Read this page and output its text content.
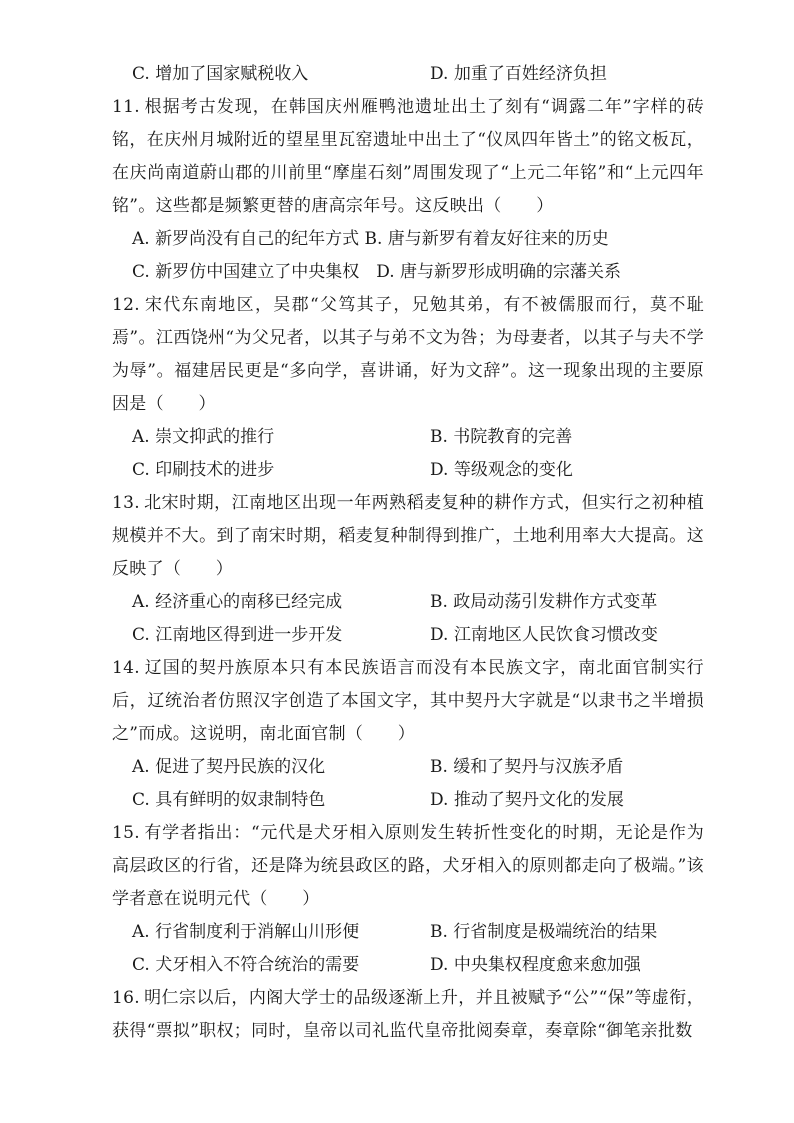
C. 增加了国家赋税收入	D. 加重了百姓经济负担

11. 根据考古发现，在韩国庆州雁鸭池遗址出土了刻有“调露二年”字样的砖铭，在庆州月城附近的望星里瓦窑遗址中出土了“仪凤四年皆土”的铭文板瓦，在庆尚南道蔚山郡的川前里“摩崖石刻”周围发现了“上元二年铭”和“上元四年铭”。这些都是频繁更替的唐高宗年号。这反映出（　　）

A. 新罗尚没有自己的纪年方式 B. 唐与新罗有着友好往来的历史
C. 新罗仿中国建立了中央集权　D. 唐与新罗形成明确的宗藩关系

12. 宋代东南地区，吴郡“父笃其子，兄勉其弟，有不被儒服而行，莫不耻焉”。江西饶州“为父兄者，以其子与弟不文为咎；为母妻者，以其子与夫不学为辱”。福建居民更是“多向学，喜讲诵，好为文辞”。这一现象出现的主要原因是（　　）

A. 崇文抑武的推行	B. 书院教育的完善
C. 印刷技术的进步	D. 等级观念的变化

13. 北宋时期，江南地区出现一年两熟稻麦复种的耕作方式，但实行之初种植规模并不大。到了南宋时期，稻麦复种制得到推广，土地利用率大大提高。这反映了（　　）

A. 经济重心的南移已经完成	B. 政局动荡引发耕作方式变革
C. 江南地区得到进一步开发	D. 江南地区人民饮食习惯改变

14. 辽国的契丹族原本只有本民族语言而没有本民族文字，南北面官制实行后，辽统治者仿照汉字创造了本国文字，其中契丹大字就是“以隶书之半增损之”而成。这说明，南北面官制（　　）

A. 促进了契丹民族的汉化	B. 缓和了契丹与汉族矛盾
C. 具有鲜明的奴隶制特色	D. 推动了契丹文化的发展

15. 有学者指出：“元代是犬牙相入原则发生转折性变化的时期，无论是作为高层政区的行省，还是降为统县政区的路，犬牙相入的原则都走向了极端。”该学者意在说明元代（　　）

A. 行省制度利于消解山川形便	B. 行省制度是极端统治的结果
C. 犬牙相入不符合统治的需要	D. 中央集权程度愈来愈加强

16. 明仁宗以后，内阁大学士的品级逐渐上升，并且被赋予“公”“保”等虚衔，获得“票拟”职权；同时，皇帝以司礼监代皇帝批阅奏章，奏章除“御笔亲批数
